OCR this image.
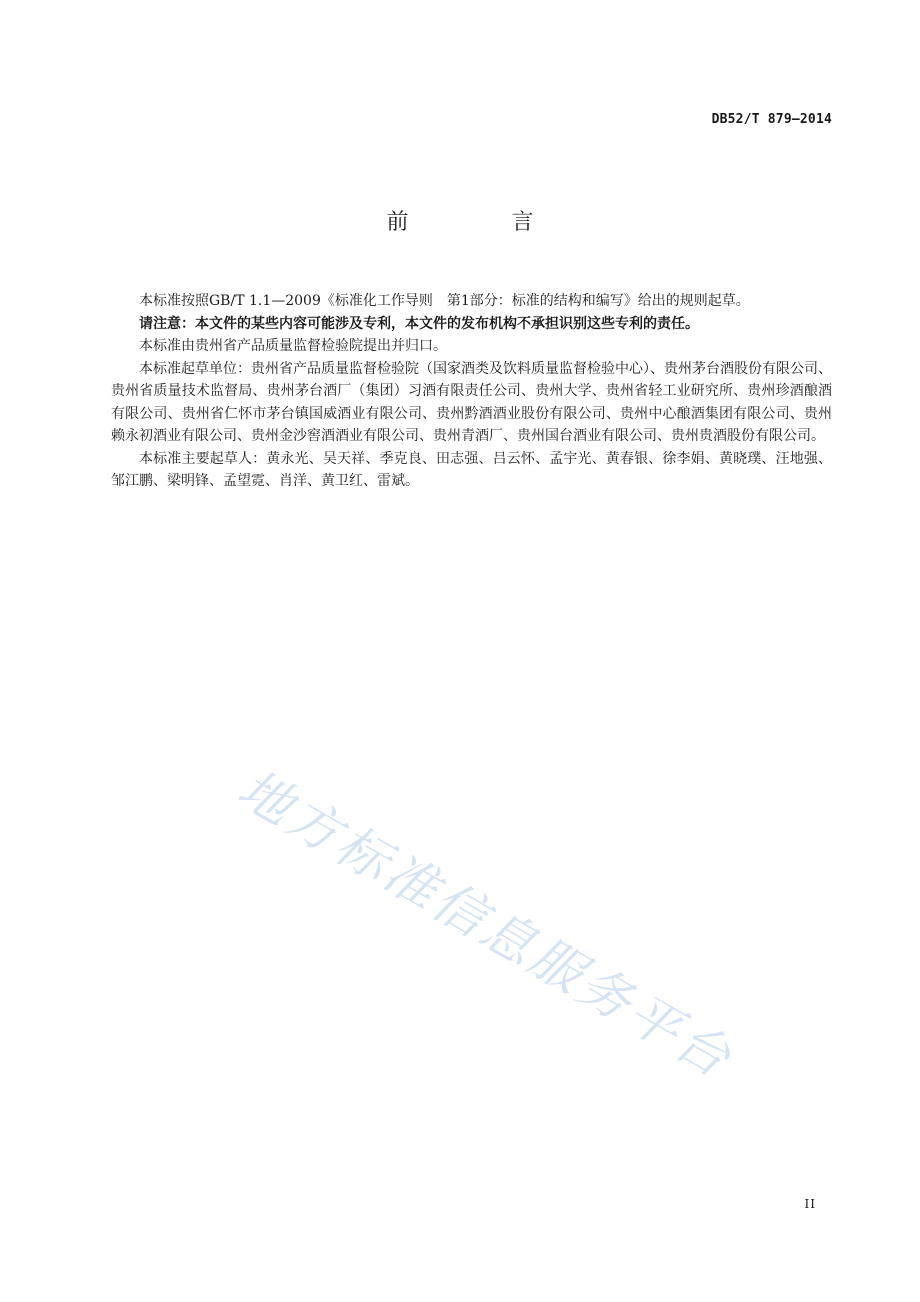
DB52/T 879—2014
前 言

本标准按照GB/T 1.1—2009《标准化工作导则　第1部分：标准的结构和编写》给出的规则起草。

请注意：本文件的某些内容可能涉及专利，本文件的发布机构不承担识别这些专利的责任。

本标准由贵州省产品质量监督检验院提出并归口。

本标准起草单位：贵州省产品质量监督检验院（国家酒类及饮料质量监督检验中心）、贵州茅台酒股份有限公司、贵州省质量技术监督局、贵州茅台酒厂（集团）习酒有限责任公司、贵州大学、贵州省轻工业研究所、贵州珍酒酿酒有限公司、贵州省仁怀市茅台镇国威酒业有限公司、贵州黔酒酒业股份有限公司、贵州中心酿酒集团有限公司、贵州赖永初酒业有限公司、贵州金沙窖酒酒业有限公司、贵州青酒厂、贵州国台酒业有限公司、贵州贵酒股份有限公司。

本标准主要起草人：黄永光、吴天祥、季克良、田志强、吕云怀、孟宇光、黄春银、徐李娟、黄晓璞、汪地强、邹江鹏、梁明锋、孟望霓、肖洋、黄卫红、雷斌。

地方标准信息服务平台
II
